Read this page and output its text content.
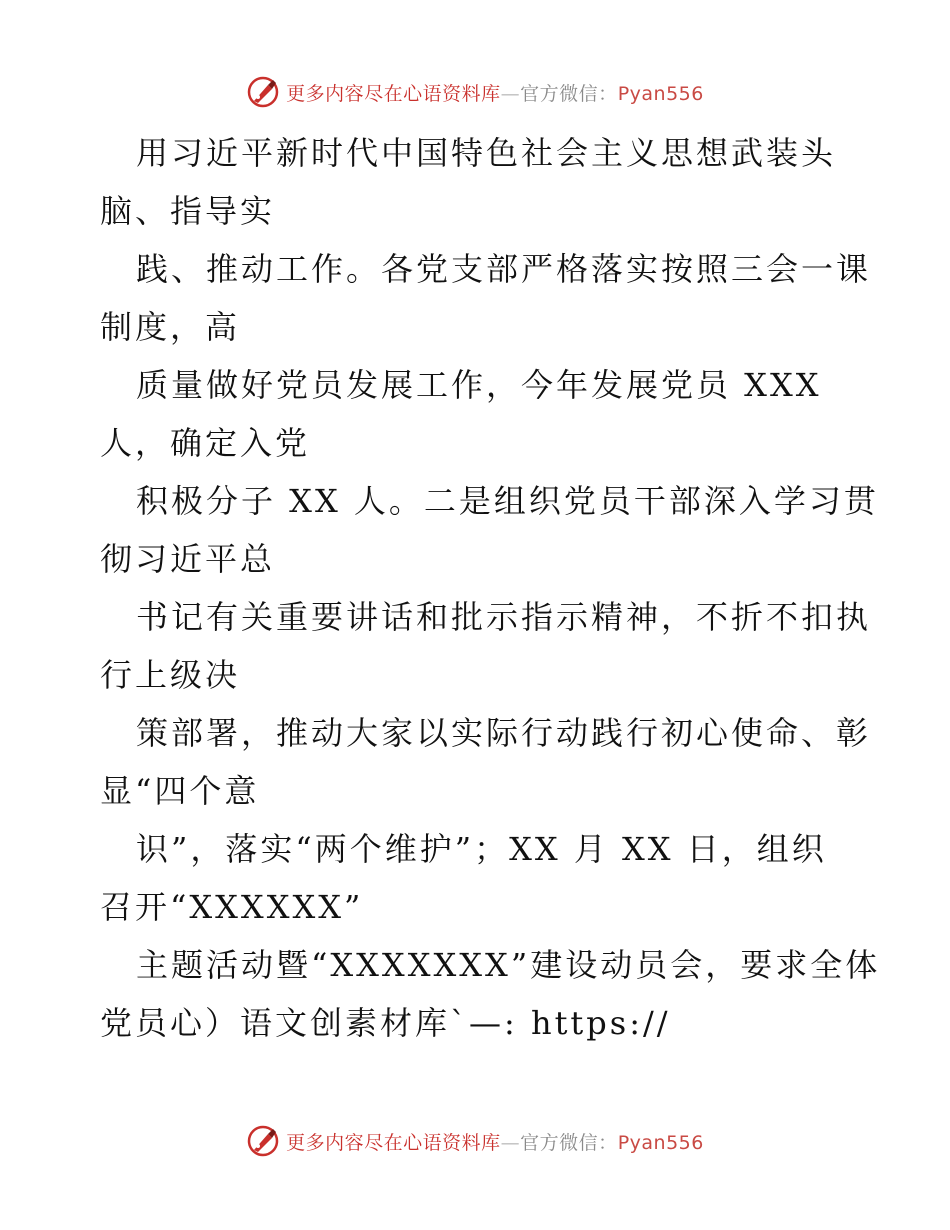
更多内容尽在心语资料库—官方微信：Pyan556
用习近平新时代中国特色社会主义思想武装头
脑、指导实
践、推动工作。各党支部严格落实按照三会一课
制度，高
质量做好党员发展工作，今年发展党员 XXX
人，确定入党
积极分子 XX 人。二是组织党员干部深入学习贯
彻习近平总
书记有关重要讲话和批示指示精神，不折不扣执
行上级决
策部署，推动大家以实际行动践行初心使命、彰
显“四个意
识”，落实“两个维护”；XX 月 XX 日，组织
召开“XXXXXX”
主题活动暨“XXXXXXX”建设动员会，要求全体
党员心）语文创素材库`—: https://
更多内容尽在心语资料库—官方微信：Pyan556
